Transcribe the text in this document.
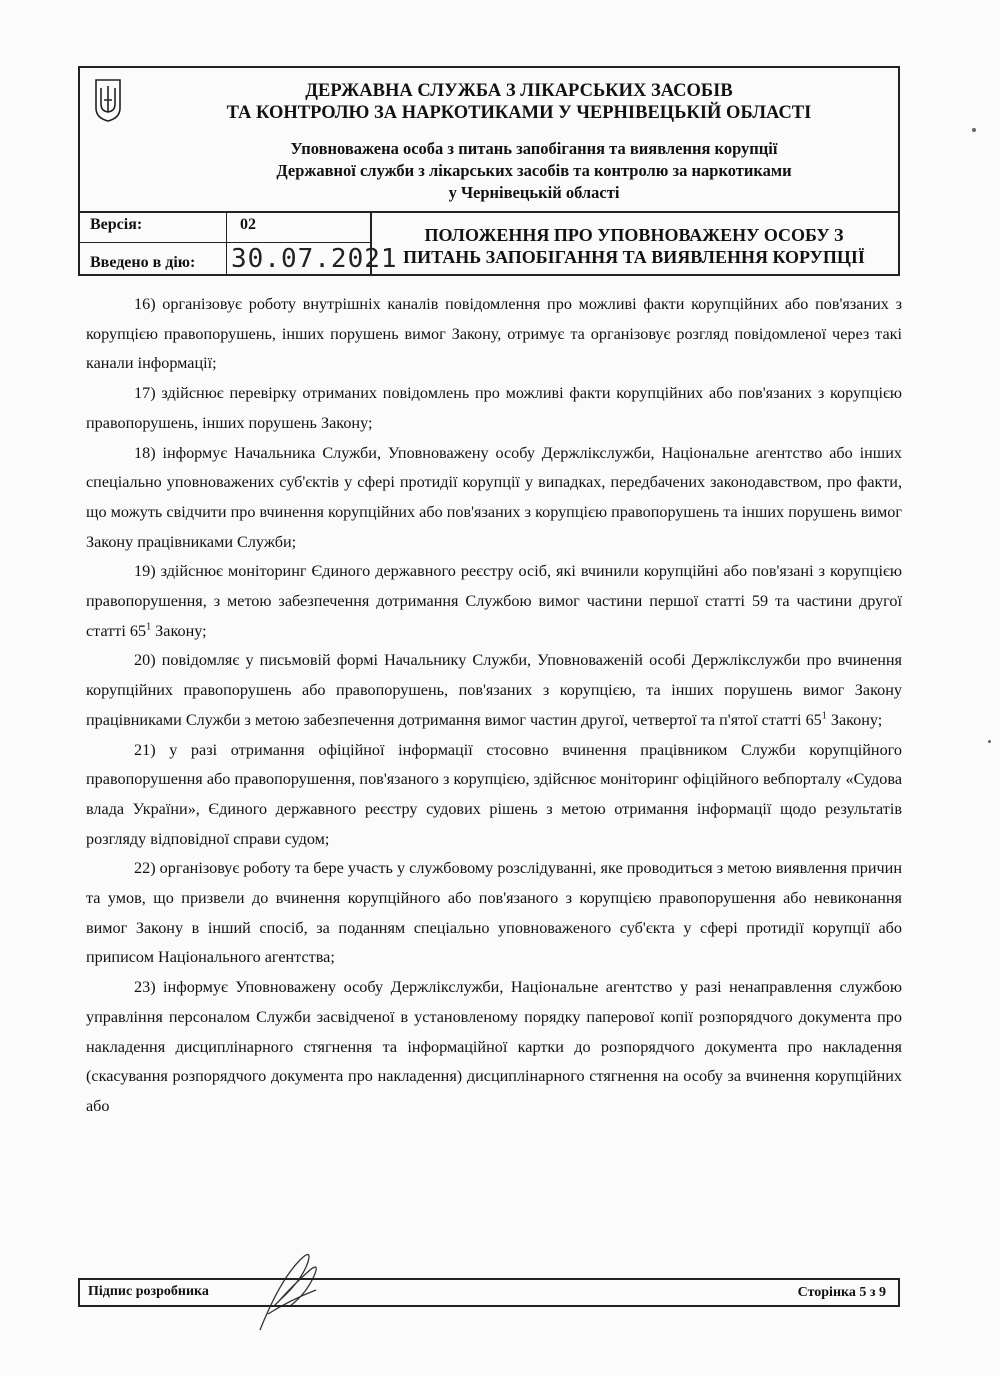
ДЕРЖАВНА СЛУЖБА З ЛІКАРСЬКИХ ЗАСОБІВ
ТА КОНТРОЛЮ ЗА НАРКОТИКАМИ У ЧЕРНІВЕЦЬКІЙ ОБЛАСТІ
Уповноважена особа з питань запобігання та виявлення корупції
Державної служби з лікарських засобів та контролю за наркотиками
у Чернівецькій області
Версія:	02
Введено в дію: 30.07.2021
ПОЛОЖЕННЯ ПРО УПОВНОВАЖЕНУ ОСОБУ З
ПИТАНЬ ЗАПОБІГАННЯ ТА ВИЯВЛЕННЯ КОРУПЦІЇ

16) організовує роботу внутрішніх каналів повідомлення про можливі факти корупційних або пов'язаних з корупцією правопорушень, інших порушень вимог Закону, отримує та організовує розгляд повідомленої через такі канали інформації;

17) здійснює перевірку отриманих повідомлень про можливі факти корупційних або пов'язаних з корупцією правопорушень, інших порушень Закону;

18) інформує Начальника Служби, Уповноважену особу Держлікслужби, Національне агентство або інших спеціально уповноважених суб'єктів у сфері протидії корупції у випадках, передбачених законодавством, про факти, що можуть свідчити про вчинення корупційних або пов'язаних з корупцією правопорушень та інших порушень вимог Закону працівниками Служби;

19) здійснює моніторинг Єдиного державного реєстру осіб, які вчинили корупційні або пов'язані з корупцією правопорушення, з метою забезпечення дотримання Службою вимог частини першої статті 59 та частини другої статті $65^1$ Закону;

20) повідомляє у письмовій формі Начальнику Служби, Уповноваженій особі Держлікслужби про вчинення корупційних правопорушень або правопорушень, пов'язаних з корупцією, та інших порушень вимог Закону працівниками Служби з метою забезпечення дотримання вимог частин другої, четвертої та п'ятої статті $65^1$ Закону;

21) у разі отримання офіційної інформації стосовно вчинення працівником Служби корупційного правопорушення або правопорушення, пов'язаного з корупцією, здійснює моніторинг офіційного вебпорталу «Судова влада України», Єдиного державного реєстру судових рішень з метою отримання інформації щодо результатів розгляду відповідної справи судом;

22) організовує роботу та бере участь у службовому розслідуванні, яке проводиться з метою виявлення причин та умов, що призвели до вчинення корупційного або пов'язаного з корупцією правопорушення або невиконання вимог Закону в інший спосіб, за поданням спеціально уповноваженого суб'єкта у сфері протидії корупції або приписом Національного агентства;

23) інформує Уповноважену особу Держлікслужби, Національне агентство у разі ненаправлення службою управління персоналом Служби засвідченої в установленому порядку паперової копії розпорядчого документа про накладення дисциплінарного стягнення та інформаційної картки до розпорядчого документа про накладення (скасування розпорядчого документа про накладення) дисциплінарного стягнення на особу за вчинення корупційних або

Підпис розробника	Сторінка 5 з 9
